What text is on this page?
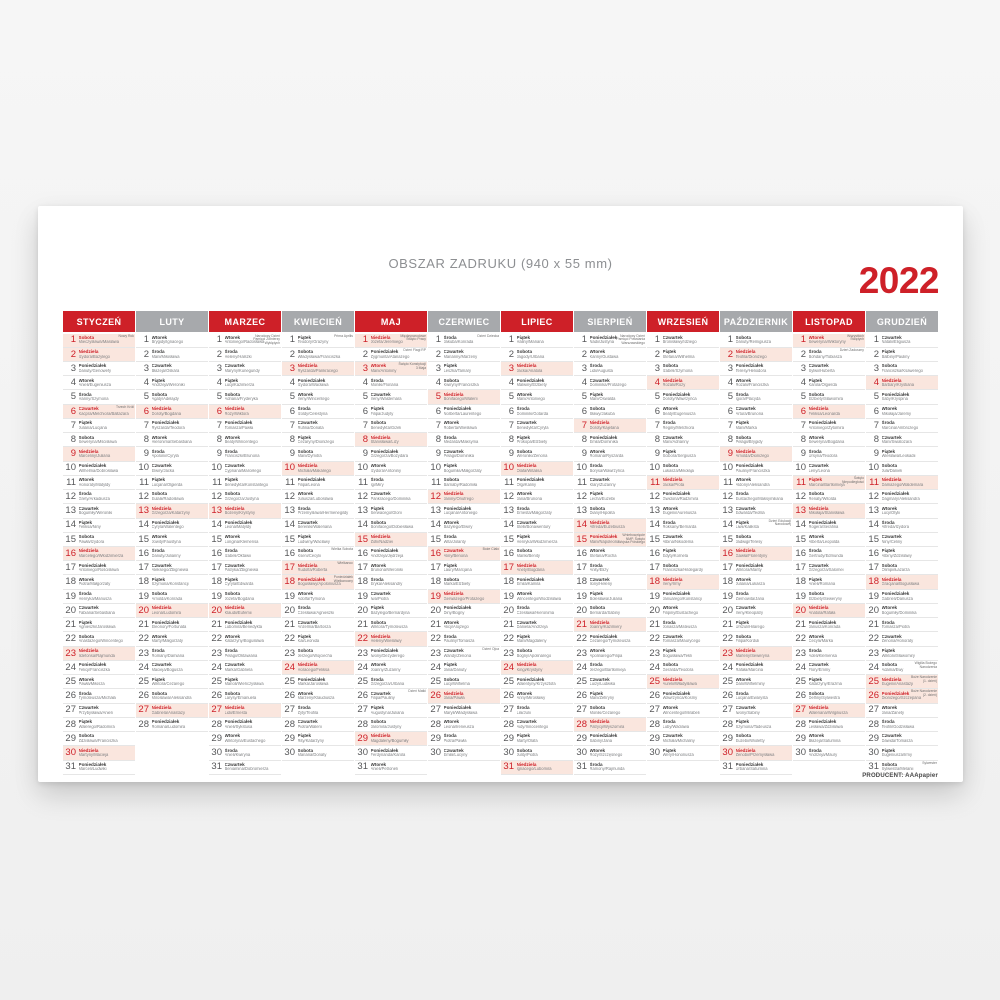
OBSZAR ZADRUKU (940 x 55 mm)	2022
STYCZEŃ
1 Sobota
Mieczysława/Masława
Nowy Rok
2 Niedziela
Izydora/Bazylego
3 Poniedziałek
Danuty/Genowefy
4 Wtorek
Anieli/Eugeniusza
5 Środa
Hanny/Szymona
6 Czwartek
Kacpra/Melchiora/Baltazara
Trzech Króli
7 Piątek
Juliana/Lucjana
8 Sobota
Seweryna/Mścisława
9 Niedziela
Marceliny/Juliana
10 Poniedziałek
Wilhelma/Dobrosława
11 Wtorek
Honoraty/Matyldy
12 Środa
Grety/Arkadiusza
13 Czwartek
Bogumiły/Weroniki
14 Piątek
Feliksa/Niny
15 Sobota
Pawła/Izydora
16 Niedziela
Marcelego/Włodzimierza
17 Poniedziałek
Antoniego/Rościsława
18 Wtorek
Piotra/Małgorzaty
19 Środa
Henryka/Mariusza
20 Czwartek
Fabiana/Sebastiana
21 Piątek
Agnieszki/Jarosława
22 Sobota
Anastazego/Wincentego
23 Niedziela
Ildefonsa/Rajmunda
24 Poniedziałek
Felicji/Franciszka
25 Wtorek
Pawła/Miłosza
26 Środa
Tymoteusza/Michała
27 Czwartek
Przybysława/Anieli
28 Piątek
Walerego/Radomira
29 Sobota
Zdzisława/Franciszka
30 Niedziela
Martyny/Macieja
31 Poniedziałek
Marceli/Ludwiki
LUTY
1 Wtorek
Brygidy/Ignacego
2 Środa
Marii/Miłosława
3 Czwartek
Błażeja/Oskara
4 Piątek
Andrzeja/Weroniki
5 Sobota
Agaty/Adelajdy
6 Niedziela
Doroty/Bogdana
7 Poniedziałek
Ryszarda/Teodora
8 Wtorek
Hieronima/Sebastiana
9 Środa
Apolonii/Cyryla
10 Czwartek
Elwiry/Jacka
11 Piątek
Lucjana/Olgierda
12 Sobota
Eulalii/Radosława
13 Niedziela
Grzegorza/Katarzyny
14 Poniedziałek
Cyryla/Walentego
15 Wtorek
Jowity/Faustyna
16 Środa
Danuty/Julianny
17 Czwartek
Aleksego/Zbigniewa
18 Piątek
Szymona/Konstancji
19 Sobota
Arnolda/Konrada
20 Niedziela
Leona/Ludomira
21 Poniedziałek
Eleonory/Fortunata
22 Wtorek
Marty/Małgorzaty
23 Środa
Romany/Damiana
24 Czwartek
Macieja/Bogusza
25 Piątek
Wiktora/Cezarego
26 Sobota
Mirosława/Aleksandra
27 Niedziela
Gabriela/Anastazji
28 Poniedziałek
Romana/Ludomira
MARZEC
1 Wtorek
Antoniego/Radosława
Narodowy Dzień Pamięci Żołnierzy Wyklętych
2 Środa
Heleny/Halszki
3 Czwartek
Maryny/Kunegundy
4 Piątek
Łucji/Kazimierza
5 Sobota
Adriana/Fryderyka
6 Niedziela
Róży/Wiktora
7 Poniedziałek
Tomasza/Pawła
8 Wtorek
Beaty/Wincentego
9 Środa
Franciszki/Brunona
10 Czwartek
Cypriana/Marcelego
11 Piątek
Benedykta/Konstantego
12 Sobota
Grzegorza/Justyna
13 Niedziela
Bożeny/Krystyny
14 Poniedziałek
Leona/Matyldy
15 Wtorek
Longina/Klemensa
16 Środa
Izabeli/Oktawii
17 Czwartek
Patryka/Zbigniewa
18 Piątek
Cyryla/Edwarda
19 Sobota
Józefa/Bogdana
20 Niedziela
Klaudii/Eufemii
21 Poniedziałek
Lubomira/Benedykta
22 Wtorek
Katarzyny/Bogusława
23 Środa
Pelagii/Oktawiana
24 Czwartek
Marka/Gabriela
25 Piątek
Marioli/Wieńczysława
26 Sobota
Larysy/Emanuela
27 Niedziela
Lidii/Ernesta
28 Poniedziałek
Anieli/Sykstusa
29 Wtorek
Wiktoryna/Eustachego
30 Środa
Anieli/Kwiryna
31 Czwartek
Beniamina/Dobromierza
KWIECIEŃ
1 Piątek
Teodory/Grażyny
Prima Aprilis
2 Sobota
Władysława/Franciszka
3 Niedziela
Ryszarda/Pankracego
4 Poniedziałek
Izydora/Wacława
5 Wtorek
Ireny/Wincentego
6 Środa
Izoldy/Celestyna
7 Czwartek
Rufina/Donata
8 Piątek
Cezaryny/Dionizego
9 Sobota
Marii/Dymitra
10 Niedziela
Michała/Makarego
11 Poniedziałek
Filipa/Leona
12 Wtorek
Juliusza/Lubosława
13 Środa
Przemysława/Hermenegildy
14 Czwartek
Bereniki/Waleriana
15 Piątek
Ludwiny/Wacławy
16 Sobota
Kseni/Cecylii
Wielka Sobota
17 Niedziela
Rudolfa/Roberta
Wielkanoc
18 Poniedziałek
Bogusławy/Apoloniusza
Poniedziałek Wielkanocny
19 Wtorek
Adolfa/Tymona
20 Środa
Czesława/Agnieszki
21 Czwartek
Anzelma/Bartosza
22 Piątek
Kai/Leonida
23 Sobota
Jerzego/Wojciecha
24 Niedziela
Horacego/Feliksa
25 Poniedziałek
Marka/Jarosława
26 Wtorek
Marzeny/Klaudiusza
27 Środa
Zyty/Teofila
28 Czwartek
Piotra/Walerii
29 Piątek
Rity/Katarzyny
30 Sobota
Mariana/Donaty
MAJ
1 Niedziela
Józefa/Jeremiego
Międzynarodowe Święto Pracy
2 Poniedziałek
Zygmunta/Atanazego
Dzień Flagi RP
3 Wtorek
Marii/Antoniny
Święto Konstytucji 3 Maja
4 Środa
Moniki/Floriana
5 Czwartek
Ireny/Waldemara
6 Piątek
Filipa/Judyty
7 Sobota
Benedykta/Gizeli
8 Niedziela
Stanisława/Lizy
9 Poniedziałek
Grzegorza/Bożydara
10 Wtorek
Izydora/Antoniny
11 Środa
Igi/Miry
12 Czwartek
Pankracego/Dominika
13 Piątek
Serwacego/Glorii
14 Sobota
Bonifacego/Dobiesława
15 Niedziela
Zofii/Nadziei
16 Poniedziałek
Andrzeja/Jędrzeja
17 Wtorek
Brunona/Weroniki
18 Środa
Eryka/Aleksandry
19 Czwartek
Iwa/Piotra
20 Piątek
Bazylego/Bernardyna
21 Sobota
Wiktora/Tymoteusza
22 Niedziela
Heleny/Wiesławy
23 Poniedziałek
Iwony/Dezyderego
24 Wtorek
Joanny/Zuzanny
25 Środa
Grzegorza/Urbana
26 Czwartek
Filipa/Pauliny
Dzień Matki
27 Piątek
Augustyna/Juliana
28 Sobota
Jaromira/Justyny
29 Niedziela
Magdaleny/Bogumiły
30 Poniedziałek
Ferdynanda/Karola
31 Wtorek
Anieli/Petroneli
CZERWIEC
1 Środa
Jakuba/Konrada
Dzień Dziecka
2 Czwartek
Marianny/Marzeny
3 Piątek
Leszka/Tamary
4 Sobota
Kwiryny/Franciszka
5 Niedziela
Bonifacego/Walerii
6 Poniedziałek
Norberta/Laurentego
7 Wtorek
Roberta/Wiesława
8 Środa
Medarda/Maksyma
9 Czwartek
Pelagii/Dominika
10 Piątek
Bogumiła/Małgorzaty
11 Sobota
Barnaby/Radomiła
12 Niedziela
Janiny/Onufrego
13 Poniedziałek
Lucjana/Antoniego
14 Wtorek
Bazylego/Elwiry
15 Środa
Wita/Jolanty
16 Czwartek
Aliny/Benona
Boże Ciało
17 Piątek
Laury/Marcjana
18 Sobota
Marka/Elżbiety
19 Niedziela
Gerwazego/Protazego
20 Poniedziałek
Diny/Bogny
21 Wtorek
Alicji/Alojzego
22 Środa
Pauliny/Tomasza
23 Czwartek
Wandy/Zenona
Dzień Ojca
24 Piątek
Jana/Danuty
25 Sobota
Łucji/Wilhelma
26 Niedziela
Jana/Pawła
27 Poniedziałek
Maryli/Władysława
28 Wtorek
Leona/Ireneusza
29 Środa
Piotra/Pawła
30 Czwartek
Emilii/Lucyny
LIPIEC
1 Piątek
Haliny/Mariana
2 Sobota
Jagody/Urbana
3 Niedziela
Jacka/Anatola
4 Poniedziałek
Malwiny/Elżbiety
5 Wtorek
Marii/Antoniego
6 Środa
Dominiki/Gotarda
7 Czwartek
Benedykta/Cyryla
8 Piątek
Prokopa/Elżbiety
9 Sobota
Weroniki/Zenona
10 Niedziela
Olafa/Witalisa
11 Poniedziałek
Olgi/Kaliny
12 Wtorek
Jana/Brunona
13 Środa
Ernesta/Małgorzaty
14 Czwartek
Stelli/Bonawentury
15 Piątek
Henryka/Włodzimierza
16 Sobota
Mariki/Benity
17 Niedziela
Anety/Bogdana
18 Poniedziałek
Emila/Kamila
19 Wtorek
Wincentego/Wodzisława
20 Środa
Czesława/Hieronima
21 Czwartek
Daniela/Andrzeja
22 Piątek
Marii/Magdaleny
23 Sobota
Bogny/Apolinarego
24 Niedziela
Kingi/Krystyny
25 Poniedziałek
Walentyny/Krzysztofa
26 Wtorek
Anny/Mirosławy
27 Środa
Lilii/Julii
28 Czwartek
Aidy/Innocentego
29 Piątek
Marty/Olafa
30 Sobota
Julity/Piotra
31 Niedziela
Ignacego/Lubomira
SIERPIEŃ
1 Poniedziałek
Nadii/Justyna
Narodowy Dzień Pamięci Powstania Warszawskiego
2 Wtorek
Kariny/Gustawa
3 Środa
Lidii/Augusta
4 Czwartek
Dominika/Protazego
5 Piątek
Marii/Oswalda
6 Sobota
Sławy/Jakuba
7 Niedziela
Doroty/Kajetana
8 Poniedziałek
Emila/Dominika
9 Wtorek
Romana/Ryszarda
10 Środa
Borysa/Wawrzyńca
11 Czwartek
Klary/Zuzanny
12 Piątek
Lecha/Euzebii
13 Sobota
Diany/Hipolita
14 Niedziela
Alfreda/Euzebiusza
15 Poniedziałek
Marii/Napoleona
Wniebowzięcie NMP, Święto Wojska Polskiego
16 Wtorek
Stefana/Rocha
17 Środa
Anity/Elizy
18 Czwartek
Ilony/Heleny
19 Piątek
Bolesława/Juliana
20 Sobota
Bernarda/Sabiny
21 Niedziela
Joanny/Kazimiery
22 Poniedziałek
Cezarego/Tymoteusza
23 Wtorek
Apolinarego/Filipa
24 Środa
Jerzego/Bartłomieja
25 Czwartek
Luizy/Ludwika
26 Piątek
Marii/Zefiryny
27 Sobota
Moniki/Cezarego
28 Niedziela
Patrycji/Wyszomira
29 Poniedziałek
Sabiny/Jana
30 Wtorek
Róży/Szczęsnego
31 Środa
Ramony/Rajmunda
WRZESIEŃ
1 Czwartek
Bronisławy/Idziego
2 Piątek
Stefana/Wilhelma
3 Sobota
Izabeli/Szymona
4 Niedziela
Rozalii/Róży
5 Poniedziałek
Doroty/Wawrzyńca
6 Wtorek
Beaty/Eugeniusza
7 Środa
Reginy/Melchiora
8 Czwartek
Marii/Adrianny
9 Piątek
Ścibora/Sergiusza
10 Sobota
Łukasza/Mikołaja
11 Niedziela
Jacka/Prota
12 Poniedziałek
Gwidona/Radzimira
13 Wtorek
Eugenii/Aureliusza
14 Środa
Roksany/Bernarda
15 Czwartek
Albina/Nikodema
16 Piątek
Edyty/Kornela
17 Sobota
Franciszka/Hildegardy
18 Niedziela
Ireny/Irmy
19 Poniedziałek
Januarego/Konstancji
20 Wtorek
Filipiny/Eustachego
21 Środa
Jonasza/Mateusza
22 Czwartek
Tomasza/Maurycego
23 Piątek
Bogusława/Tekli
24 Sobota
Gerarda/Teodora
25 Niedziela
Aurelii/Władysława
26 Poniedziałek
Wawrzyńca/Kosmy
27 Wtorek
Wincentego/Mirabeli
28 Środa
Luby/Wacława
29 Czwartek
Michała/Michaliny
30 Piątek
Wery/Honoriusza
PAŹDZIERNIK
1 Sobota
Danuty/Remigiusza
2 Niedziela
Teofila/Dionizego
3 Poniedziałek
Teresy/Heliodora
4 Wtorek
Rozalii/Franciszka
5 Środa
Igora/Placyda
6 Czwartek
Artura/Brunona
7 Piątek
Marii/Marka
8 Sobota
Pelagii/Brygidy
9 Niedziela
Arnolda/Dionizego
10 Poniedziałek
Pauliny/Franciszka
11 Wtorek
Aldony/Aleksandra
12 Środa
Eustachego/Maksymiliana
13 Czwartek
Edwarda/Teofila
14 Piątek
Liwii/Kaliksta
Dzień Edukacji Narodowej
15 Sobota
Jadwigi/Teresy
16 Niedziela
Gawła/Florentyny
17 Poniedziałek
Wiktora/Marity
18 Wtorek
Juliana/Łukasza
19 Środa
Ziemowita/Jana
20 Czwartek
Ireny/Kleopatry
21 Piątek
Urszuli/Hilarego
22 Sobota
Filipa/Korduli
23 Niedziela
Marleny/Seweryna
24 Poniedziałek
Rafała/Marcina
25 Wtorek
Darii/Wilhelminy
26 Środa
Lucjana/Ewarysta
27 Czwartek
Iwony/Sabiny
28 Piątek
Szymona/Tadeusza
29 Sobota
Euzebii/Wioletty
30 Niedziela
Zenobii/Przemysława
31 Poniedziałek
Urbana/Saturnina
LISTOPAD
1 Wtorek
Seweryna/Wiktoryny
Wszystkich Świętych
2 Środa
Bohdany/Tobiasza
Dzień Zaduszny
3 Czwartek
Sylwii/Huberta
4 Piątek
Karola/Olgierda
5 Sobota
Elżbiety/Sławomira
6 Niedziela
Feliksa/Leonarda
7 Poniedziałek
Antoniego/Żytomira
8 Wtorek
Seweryna/Bogdana
9 Środa
Ursyna/Teodora
10 Czwartek
Leny/Leona
11 Piątek
Marcina/Bartłomieja
Święto Niepodległości
12 Sobota
Renaty/Witolda
13 Niedziela
Mikołaja/Stanisława
14 Poniedziałek
Rogera/Serafina
15 Wtorek
Alberta/Leopolda
16 Środa
Gertrudy/Edmunda
17 Czwartek
Grzegorza/Salomei
18 Piątek
Anieli/Romana
19 Sobota
Elżbiety/Seweryny
20 Niedziela
Anatola/Rafała
21 Poniedziałek
Janusza/Konrada
22 Wtorek
Cecylii/Marka
23 Środa
Adeli/Klemensa
24 Czwartek
Flory/Emmy
25 Piątek
Katarzyny/Erazma
26 Sobota
Delfiny/Sylwestra
27 Niedziela
Waleriana/Wirgiliusza
28 Poniedziałek
Lesława/Zdzisława
29 Wtorek
Błażeja/Saturnina
30 Środa
Andrzeja/Maury
GRUDZIEŃ
1 Czwartek
Natalii/Eligiusza
2 Piątek
Balbiny/Pauliny
3 Sobota
Franciszka/Ksawerego
4 Niedziela
Barbary/Krystiana
5 Poniedziałek
Saby/Kryspina
6 Wtorek
Mikołaja/Jaremy
7 Środa
Marcina/Ambrożego
8 Czwartek
Marii/Światozara
9 Piątek
Wiesława/Leokadii
10 Sobota
Julii/Danieli
11 Niedziela
Damazego/Waldemara
12 Poniedziałek
Dagmary/Aleksandra
13 Wtorek
Łucji/Otylii
14 Środa
Alfreda/Izydora
15 Czwartek
Niny/Celiny
16 Piątek
Albiny/Zdzisławy
17 Sobota
Olimpii/Łazarza
18 Niedziela
Gracjana/Bogusława
19 Poniedziałek
Gabrieli/Dariusza
20 Wtorek
Bogumiły/Dominika
21 Środa
Tomasza/Piotra
22 Czwartek
Zenona/Honoraty
23 Piątek
Wiktorii/Sławomiry
24 Sobota
Adama/Ewy
Wigilia Bożego Narodzenia
25 Niedziela
Eugenii/Anastazji
Boże Narodzenie (1. dzień)
26 Poniedziałek
Dionizego/Szczepana
Boże Narodzenie (2. dzień)
27 Wtorek
Jana/Żanety
28 Środa
Teofili/Godzisława
29 Czwartek
Dawida/Tomasza
30 Piątek
Eugeniusza/Irmy
31 Sobota
Sylwestra/Melanii
Sylwester
PRODUCENT: AAApapier
